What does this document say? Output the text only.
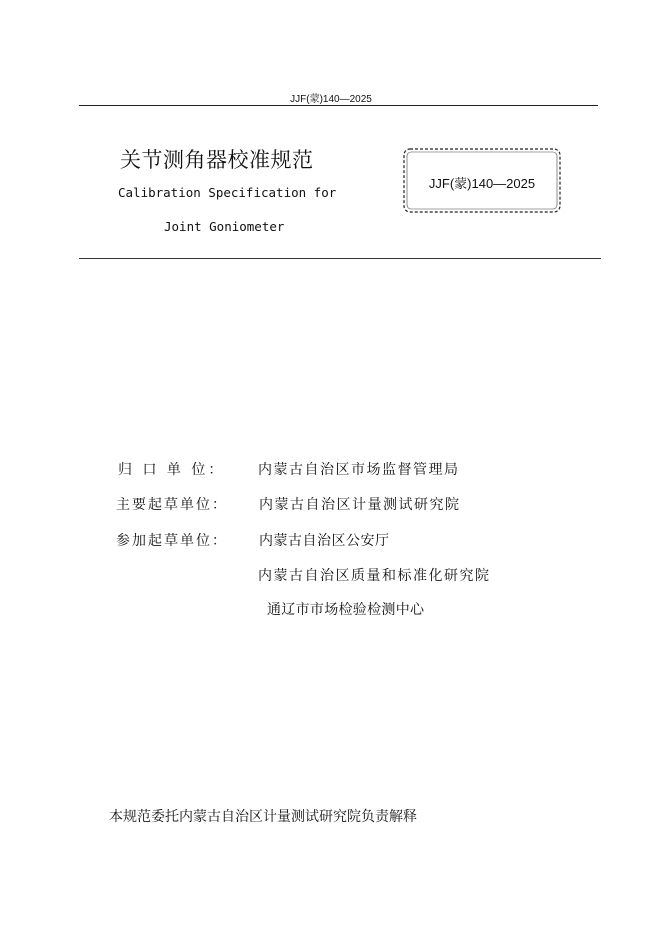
JJF(蒙)140—2025
关节测角器校准规范
Calibration Specification for
Joint Goniometer
JJF(蒙)140—2025
归 口 单 位： 内蒙古自治区市场监督管理局
主要起草单位： 内蒙古自治区计量测试研究院
参加起草单位： 内蒙古自治区公安厅
内蒙古自治区质量和标准化研究院
通辽市市场检验检测中心
本规范委托内蒙古自治区计量测试研究院负责解释
